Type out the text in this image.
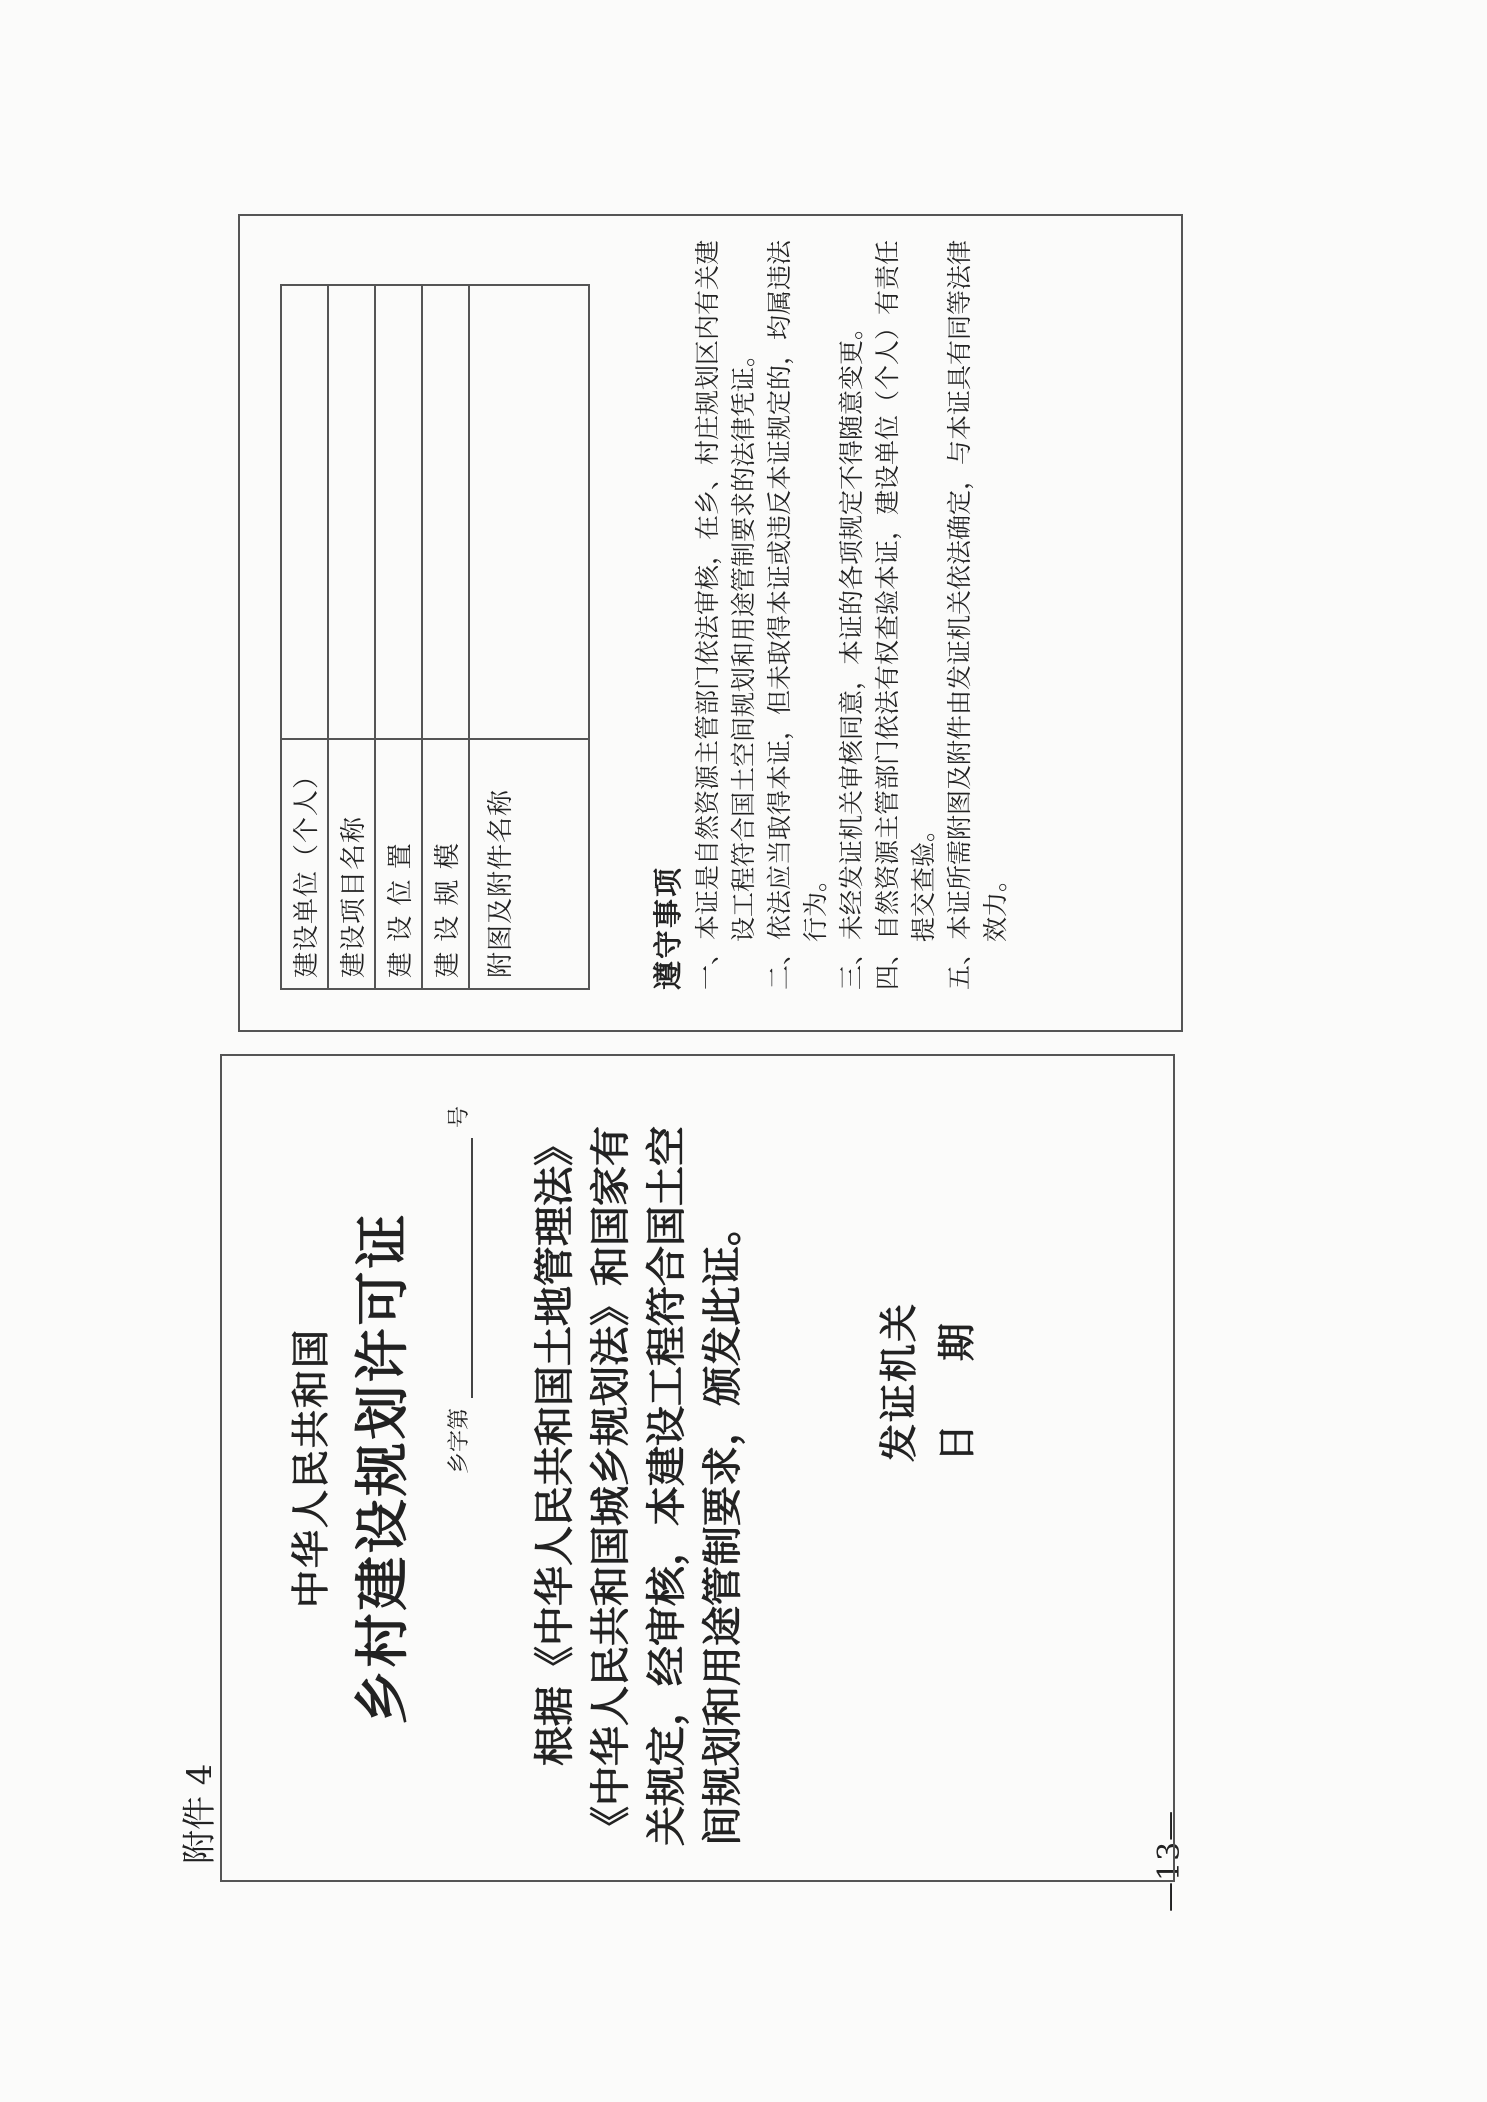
附件 4	—13—
中华人民共和国 乡村建设规划许可证 乡字第
号
根据《中华人民共和国土地管理法》《中华人民共和国城乡规划法》和国家有关规定，经审核，本建设工程符合国土空间规划和用途管制要求，颁发此证。	发证机关 日    期
建设单位（个人）	
建设项目名称	
建 设 位 置	
建 设 规 模	
附图及附件名称		遵守事项 一、本证是自然资源主管部门依法审核，在乡、村庄规划区内有关建设工程符合国土空间规划和用途管制要求的法律凭证。 二、依法应当取得本证，但未取得本证或违反本证规定的，均属违法行为。 三、未经发证机关审核同意，本证的各项规定不得随意变更。 四、自然资源主管部门依法有权查验本证，建设单位（个人）有责任提交查验。 五、本证所需附图及附件由发证机关依法确定，与本证具有同等法律效力。
